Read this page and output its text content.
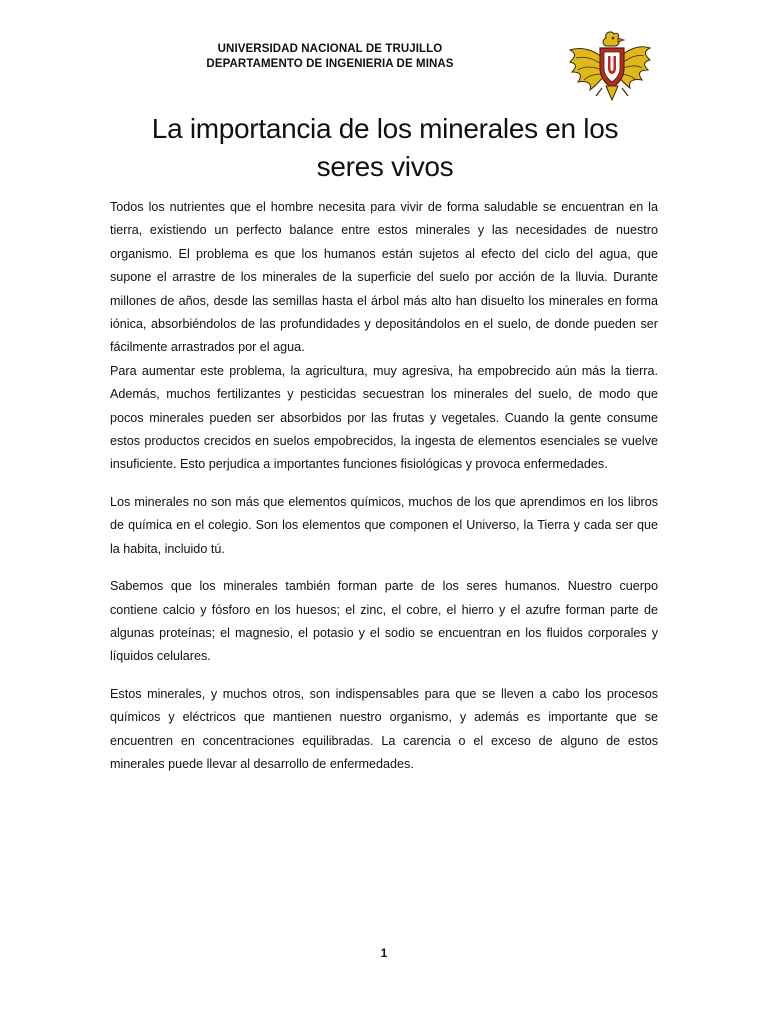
UNIVERSIDAD NACIONAL DE TRUJILLO
DEPARTAMENTO DE INGENIERIA DE MINAS
La importancia de los minerales en los
seres vivos

Todos los nutrientes que el hombre necesita para vivir de forma saludable se encuentran en la tierra, existiendo un perfecto balance entre estos minerales y las necesidades de nuestro organismo. El problema es que los humanos están sujetos al efecto del ciclo del agua, que supone el arrastre de los minerales de la superficie del suelo por acción de la lluvia. Durante millones de años, desde las semillas hasta el árbol más alto han disuelto los minerales en forma iónica, absorbiéndolos de las profundidades y depositándolos en el suelo, de donde pueden ser fácilmente arrastrados por el agua.

Para aumentar este problema, la agricultura, muy agresiva, ha empobrecido aún más la tierra. Además, muchos fertilizantes y pesticidas secuestran los minerales del suelo, de modo que pocos minerales pueden ser absorbidos por las frutas y vegetales. Cuando la gente consume estos productos crecidos en suelos empobrecidos, la ingesta de elementos esenciales se vuelve insuficiente. Esto perjudica a importantes funciones fisiológicas y provoca enfermedades.

Los minerales no son más que elementos químicos, muchos de los que aprendimos en los libros de química en el colegio. Son los elementos que componen el Universo, la Tierra y cada ser que la habita, incluido tú.

Sabemos que los minerales también forman parte de los seres humanos. Nuestro cuerpo contiene calcio y fósforo en los huesos; el zinc, el cobre, el hierro y el azufre forman parte de algunas proteínas; el magnesio, el potasio y el sodio se encuentran en los fluidos corporales y líquidos celulares.

Estos minerales, y muchos otros, son indispensables para que se lleven a cabo los procesos químicos y eléctricos que mantienen nuestro organismo, y además es importante que se encuentren en concentraciones equilibradas. La carencia o el exceso de alguno de estos minerales puede llevar al desarrollo de enfermedades.

1
